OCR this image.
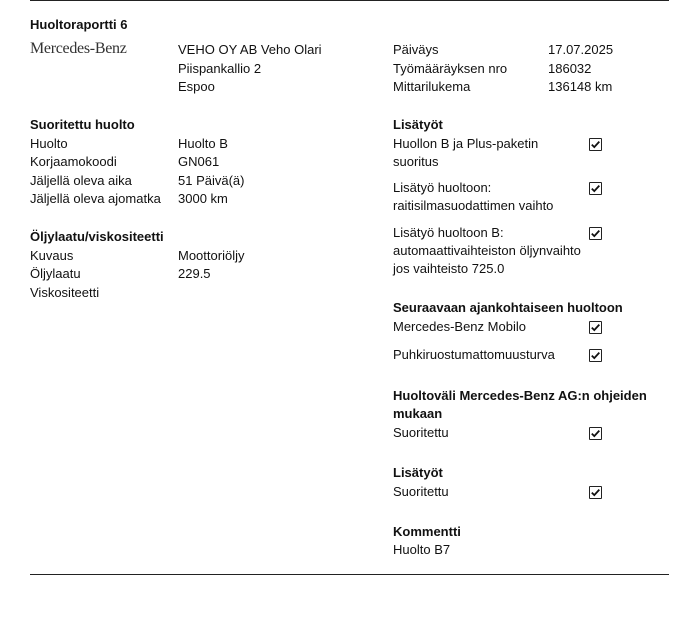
Huoltoraportti 6
Mercedes-Benz	VEHO OY AB Veho Olari
Piispankallio 2
Espoo
Päiväys	17.07.2025
Työmääräyksen nro	186032
Mittarilukema	136148 km
Suoritettu huolto
Huolto	Huolto B
Korjaamokoodi	GN061
Jäljellä oleva aika	51 Päivä(ä)
Jäljellä oleva ajomatka 3000 km
Öljylaatu/viskositeetti
Kuvaus	Moottoriöljy
Öljylaatu	229.5
Viskositeetti
Lisätyöt
Huollon B ja Plus-paketin suoritus
Lisätyö huoltoon: raitisilmasuodattimen vaihto
Lisätyö huoltoon B: automaattivaihteiston öljynvaihto jos vaihteisto 725.0
Seuraavaan ajankohtaiseen huoltoon
Mercedes-Benz Mobilo
Puhkiruostumattomuusturva
Huoltoväli Mercedes-Benz AG:n ohjeiden mukaan
Suoritettu
Lisätyöt
Suoritettu
Kommentti
Huolto B7
